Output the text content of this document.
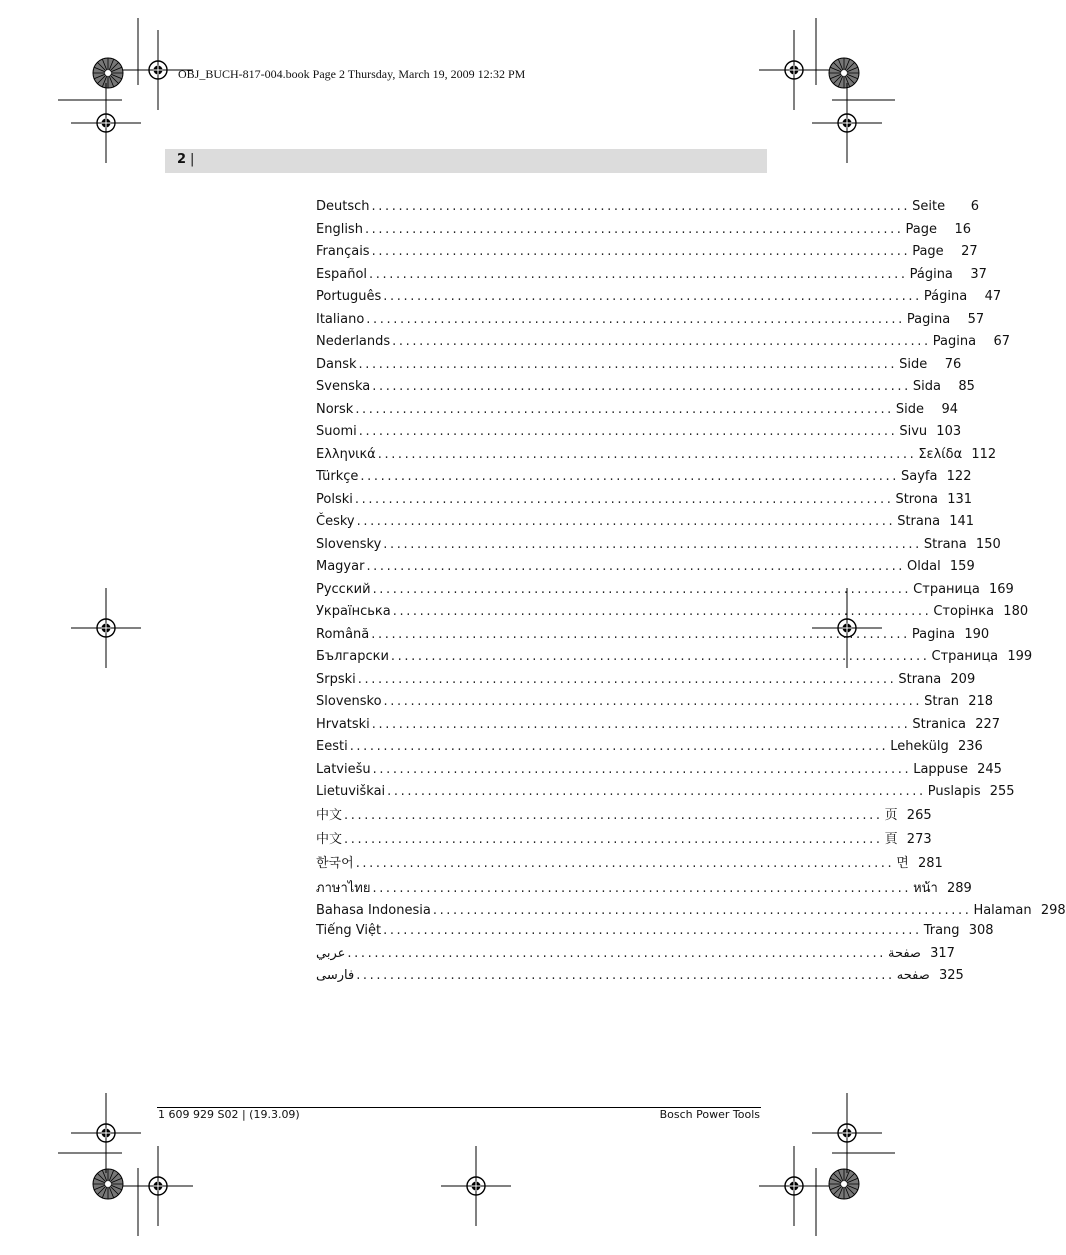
OBJ_BUCH-817-004.book Page 2 Thursday, March 19, 2009 12:32 PM
2 |
Deutsch ................................................................................ Seite	6
English ................................................................................ Page	16
Français ................................................................................ Page	27
Español ................................................................................ Página	37
Português ................................................................................ Página	47
Italiano ................................................................................ Pagina	57
Nederlands ................................................................................ Pagina	67
Dansk ................................................................................ Side	76
Svenska ................................................................................ Sida	85
Norsk ................................................................................ Side	94
Suomi ................................................................................ Sivu 103
Ελληνικά ................................................................................ Σελίδα 112
Türkçe ................................................................................ Sayfa 122
Polski ................................................................................ Strona 131
Česky ................................................................................ Strana 141
Slovensky ................................................................................ Strana 150
Magyar ................................................................................ Oldal 159
Русский ................................................................................ Страница 169
Українська ................................................................................ Сторінка 180
Română ................................................................................ Pagina 190
Български ................................................................................ Страница 199
Srpski ................................................................................ Strana 209
Slovensko ................................................................................ Stran 218
Hrvatski ................................................................................ Stranica 227
Eesti ................................................................................ Lehekülg 236
Latviešu ................................................................................ Lappuse 245
Lietuviškai ................................................................................ Puslapis 255
中文 ................................................................................ 页 265
中文 ................................................................................ 頁 273
한국어 ................................................................................ 면 281
ภาษาไทย ................................................................................ หน้า 289
Bahasa Indonesia ................................................................................ Halaman 298
Tiếng Việt ................................................................................ Trang 308
عربي ................................................................................ صفحة 317
فارسی ................................................................................ صفحه 325
1 609 929 S02 | (19.3.09)	Bosch Power Tools
